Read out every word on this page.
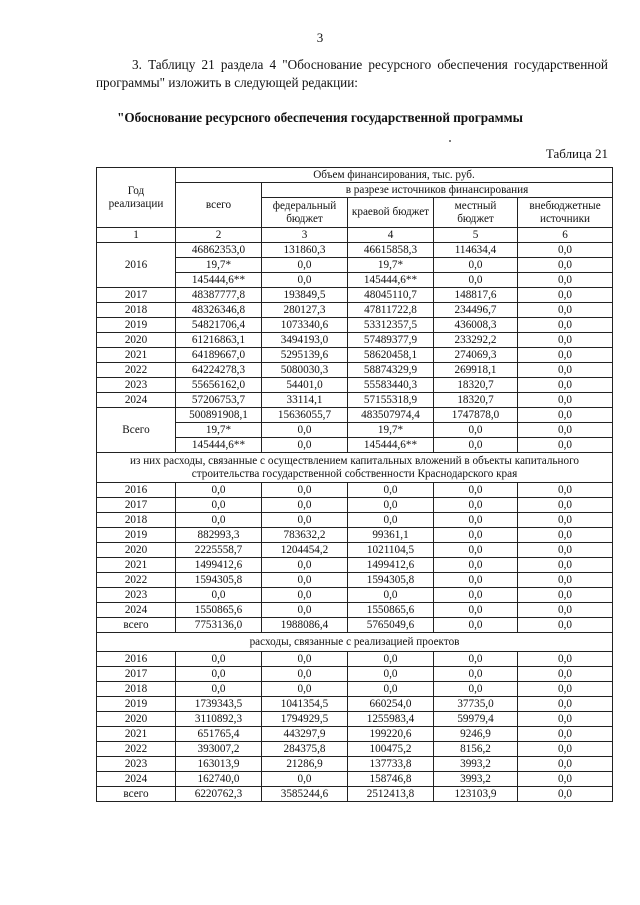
3
3. Таблицу 21 раздела 4 "Обоснование ресурсного обеспечения государственной программы" изложить в следующей редакции:
"Обоснование ресурсного обеспечения государственной программы
Таблица 21
Год реализации	Объем финансирования, тыс. руб.				
	всего	в разрезе источников финансирования			
		федеральный бюджет	краевой бюджет	местный бюджет	внебюджетные источники
1	2	3	4	5	6
2016	46862353,0	131860,3	46615858,3	114634,4	0,0
	19,7*	0,0	19,7*	0,0	0,0
	145444,6**	0,0	145444,6**	0,0	0,0
2017	48387777,8	193849,5	48045110,7	148817,6	0,0
2018	48326346,8	280127,3	47811722,8	234496,7	0,0
2019	54821706,4	1073340,6	53312357,5	436008,3	0,0
2020	61216863,1	3494193,0	57489377,9	233292,2	0,0
2021	64189667,0	5295139,6	58620458,1	274069,3	0,0
2022	64224278,3	5080030,3	58874329,9	269918,1	0,0
2023	55656162,0	54401,0	55583440,3	18320,7	0,0
2024	57206753,7	33114,1	57155318,9	18320,7	0,0
Всего	500891908,1	15636055,7	483507974,4	1747878,0	0,0
	19,7*	0,0	19,7*	0,0	0,0
	145444,6**	0,0	145444,6**	0,0	0,0
из них расходы, связанные с осуществлением капитальных вложений в объекты капитального строительства государственной собственности Краснодарского края					
2016	0,0	0,0	0,0	0,0	0,0
2017	0,0	0,0	0,0	0,0	0,0
2018	0,0	0,0	0,0	0,0	0,0
2019	882993,3	783632,2	99361,1	0,0	0,0
2020	2225558,7	1204454,2	1021104,5	0,0	0,0
2021	1499412,6	0,0	1499412,6	0,0	0,0
2022	1594305,8	0,0	1594305,8	0,0	0,0
2023	0,0	0,0	0,0	0,0	0,0
2024	1550865,6	0,0	1550865,6	0,0	0,0
всего	7753136,0	1988086,4	5765049,6	0,0	0,0
расходы, связанные с реализацией проектов					
2016	0,0	0,0	0,0	0,0	0,0
2017	0,0	0,0	0,0	0,0	0,0
2018	0,0	0,0	0,0	0,0	0,0
2019	1739343,5	1041354,5	660254,0	37735,0	0,0
2020	3110892,3	1794929,5	1255983,4	59979,4	0,0
2021	651765,4	443297,9	199220,6	9246,9	0,0
2022	393007,2	284375,8	100475,2	8156,2	0,0
2023	163013,9	21286,9	137733,8	3993,2	0,0
2024	162740,0	0,0	158746,8	3993,2	0,0
всего	6220762,3	3585244,6	2512413,8	123103,9	0,0
